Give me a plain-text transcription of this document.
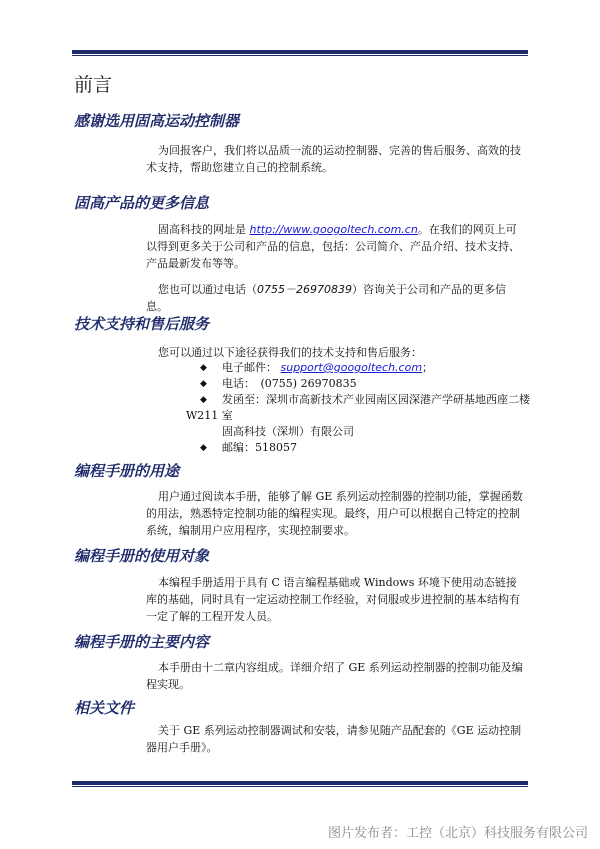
前言
感谢选用固高运动控制器

为回报客户，我们将以品质一流的运动控制器、完善的售后服务、高效的技术支持，帮助您建立自己的控制系统。

固高产品的更多信息

固高科技的网址是 http://www.googoltech.com.cn。在我们的网页上可以得到更多关于公司和产品的信息，包括：公司简介、产品介绍、技术支持、产品最新发布等等。

您也可以通过电话（0755－26970839）咨询关于公司和产品的更多信息。

技术支持和售后服务

您可以通过以下途径获得我们的技术支持和售后服务：

◆ 电子邮件： support@googoltech.com；
◆ 电话：　(0755) 26970835
◆ 发函至：深圳市高新技术产业园南区园深港产学研基地西座二楼
W211 室
固高科技（深圳）有限公司
◆ 邮编：518057
编程手册的用途

用户通过阅读本手册，能够了解 GE 系列运动控制器的控制功能，掌握函数的用法，熟悉特定控制功能的编程实现。最终，用户可以根据自己特定的控制系统，编制用户应用程序，实现控制要求。

编程手册的使用对象

本编程手册适用于具有 C 语言编程基础或 Windows 环境下使用动态链接库的基础，同时具有一定运动控制工作经验，对伺服或步进控制的基本结构有一定了解的工程开发人员。

编程手册的主要内容

本手册由十二章内容组成。详细介绍了 GE 系列运动控制器的控制功能及编程实现。

相关文件

关于 GE 系列运动控制器调试和安装，请参见随产品配套的《GE 运动控制器用户手册》。

图片发布者：工控（北京）科技服务有限公司
